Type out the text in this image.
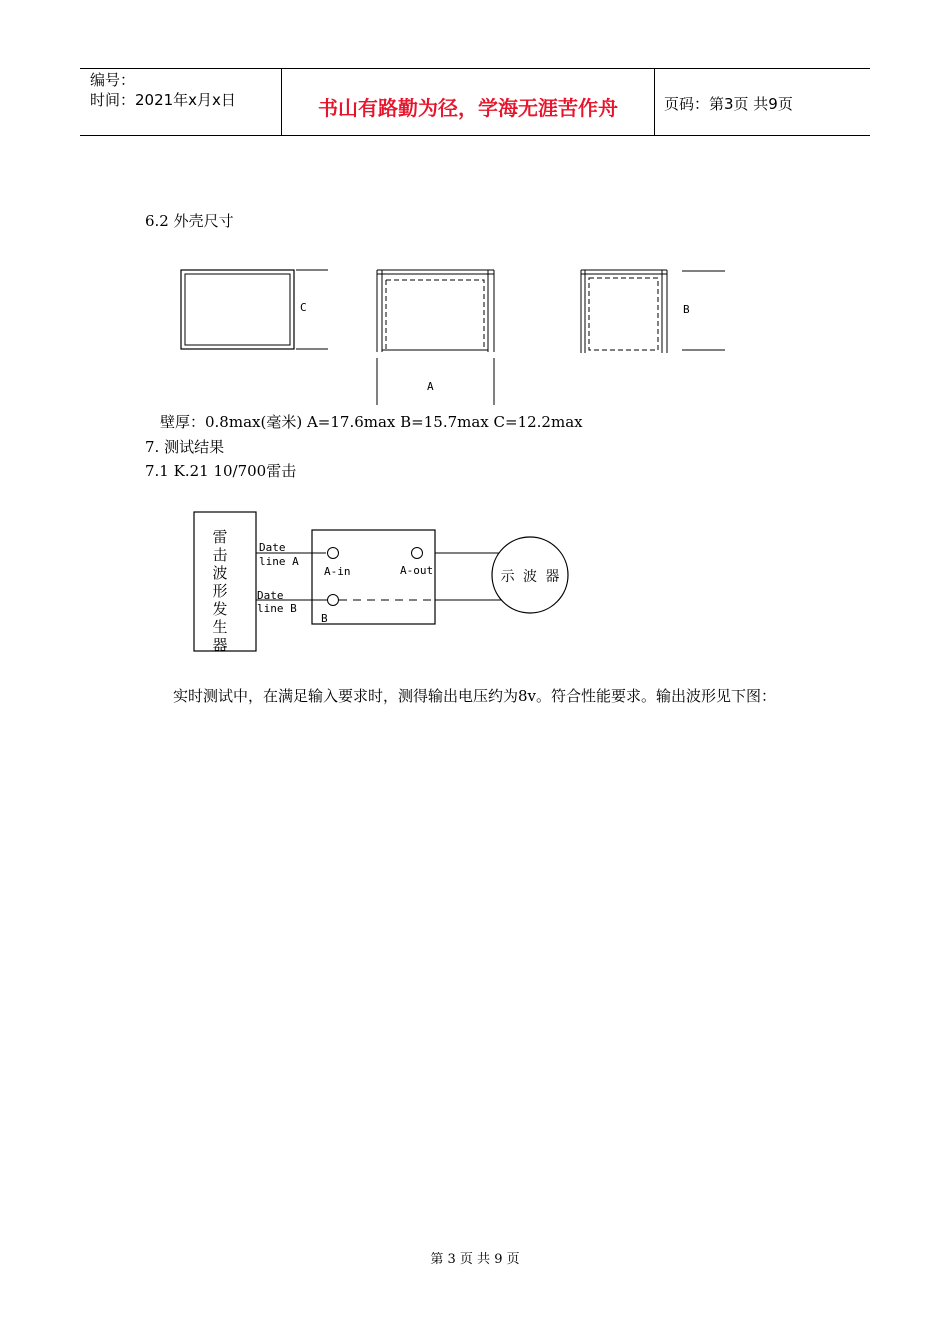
编号：
时间：2021年x月x日	书山有路勤为径，学海无涯苦作舟	页码：第3页 共9页
6.2 外壳尺寸
C
A
B
壁厚：0.8max(毫米) A=17.6max B=15.7max C=12.2max
7. 测试结果
7.1 K.21 10/700雷击
雷
击
波
形
发
生
器
Date
line A
Date
line B
A-in	A-out
B
示 波 器
实时测试中，在满足输入要求时，测得输出电压约为8v。符合性能要求。输出波形见下图：
第 3 页 共 9 页
